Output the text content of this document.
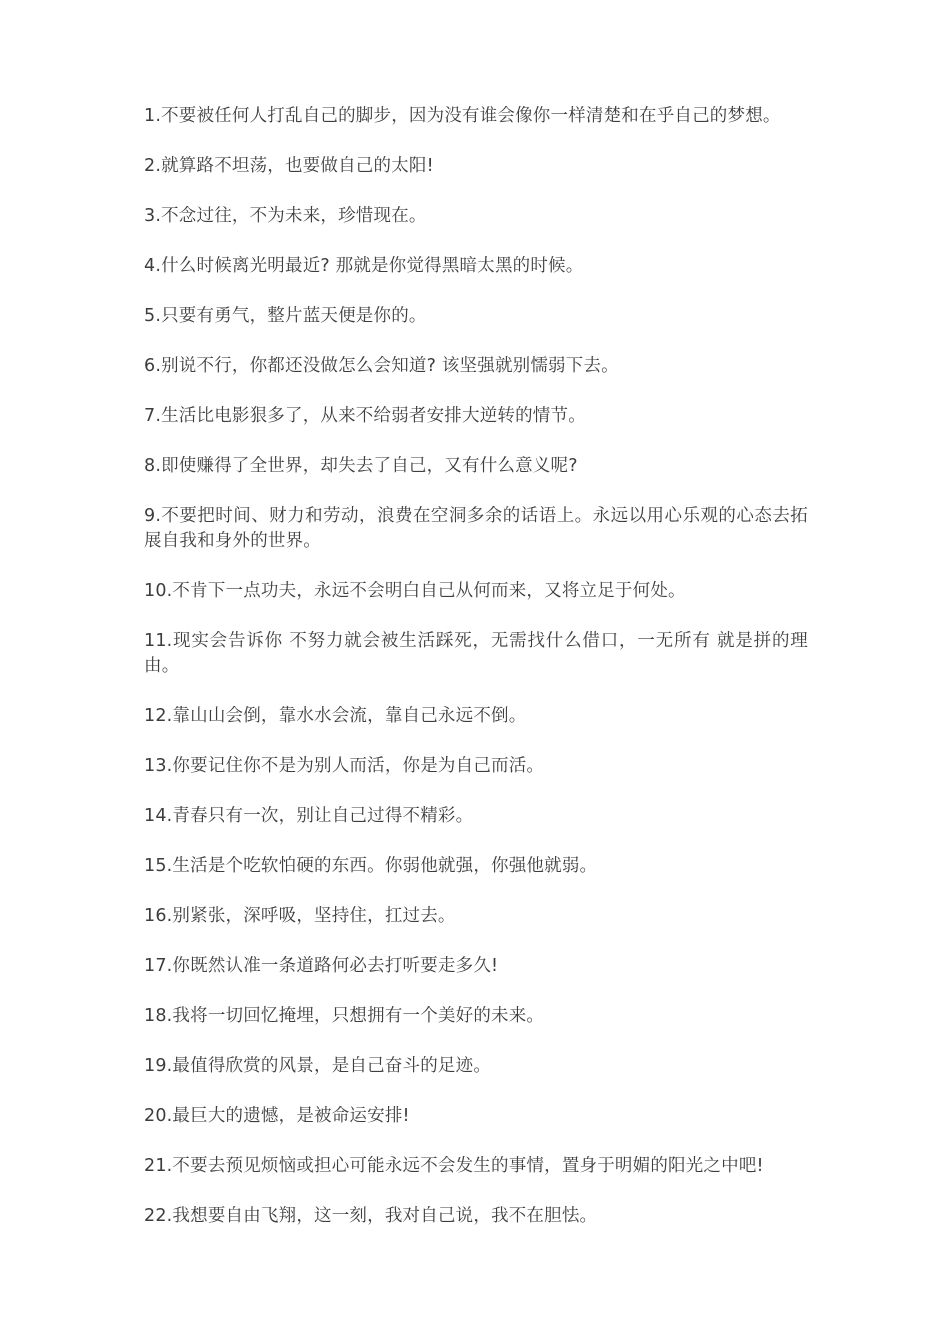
1.不要被任何人打乱自己的脚步，因为没有谁会像你一样清楚和在乎自己的梦想。
2.就算路不坦荡，也要做自己的太阳!
3.不念过往，不为未来，珍惜现在。
4.什么时候离光明最近? 那就是你觉得黑暗太黑的时候。
5.只要有勇气，整片蓝天便是你的。
6.别说不行，你都还没做怎么会知道? 该坚强就别懦弱下去。
7.生活比电影狠多了，从来不给弱者安排大逆转的情节。
8.即使赚得了全世界，却失去了自己，又有什么意义呢?
9.不要把时间、财力和劳动，浪费在空洞多余的话语上。永远以用心乐观的心态去拓展自我和身外的世界。
10.不肯下一点功夫，永远不会明白自己从何而来，又将立足于何处。
11.现实会告诉你 不努力就会被生活踩死，无需找什么借口，一无所有 就是拼的理由。
12.靠山山会倒，靠水水会流，靠自己永远不倒。
13.你要记住你不是为别人而活，你是为自己而活。
14.青春只有一次，别让自己过得不精彩。
15.生活是个吃软怕硬的东西。你弱他就强，你强他就弱。
16.别紧张，深呼吸，坚持住，扛过去。
17.你既然认准一条道路何必去打听要走多久!
18.我将一切回忆掩埋，只想拥有一个美好的未来。
19.最值得欣赏的风景，是自己奋斗的足迹。
20.最巨大的遗憾，是被命运安排!
21.不要去预见烦恼或担心可能永远不会发生的事情，置身于明媚的阳光之中吧!
22.我想要自由飞翔，这一刻，我对自己说，我不在胆怯。
